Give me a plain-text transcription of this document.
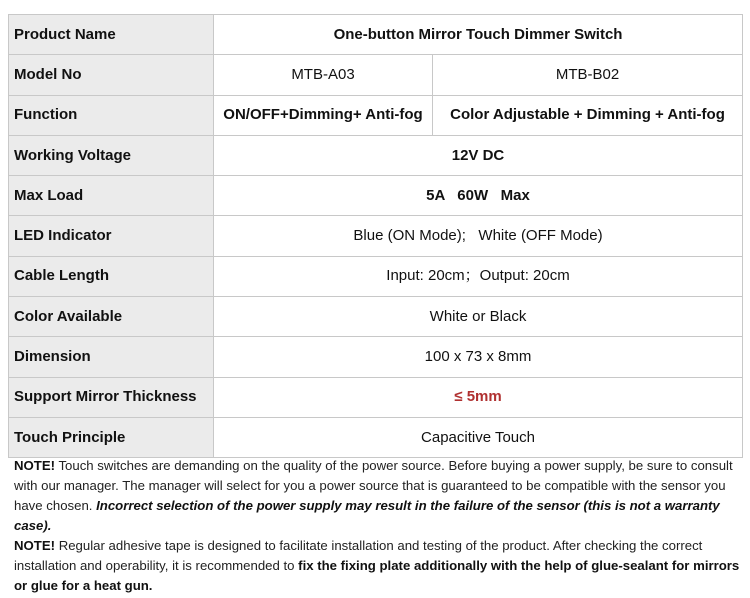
Product Name	One-button Mirror Touch Dimmer Switch	
Model No	MTB-A03	MTB-B02
Function	ON/OFF+Dimming+ Anti-fog	Color Adjustable + Dimming + Anti-fog
Working Voltage	12V DC	
Max Load	5A   60W   Max	
LED Indicator	Blue (ON Mode);   White (OFF Mode)	
Cable Length	Input: 20cm；Output: 20cm	
Color Available	White or Black	
Dimension	100 x 73 x 8mm	
Support Mirror Thickness	≤ 5mm	
Touch Principle	Capacitive Touch	

NOTE! Touch switches are demanding on the quality of the power source. Before buying a power supply, be sure to consult with our manager. The manager will select for you a power source that is guaranteed to be compatible with the sensor you have chosen. Incorrect selection of the power supply may result in the failure of the sensor (this is not a warranty case).

NOTE! Regular adhesive tape is designed to facilitate installation and testing of the product. After checking the correct installation and operability, it is recommended to fix the fixing plate additionally with the help of glue-sealant for mirrors or glue for a heat gun.
